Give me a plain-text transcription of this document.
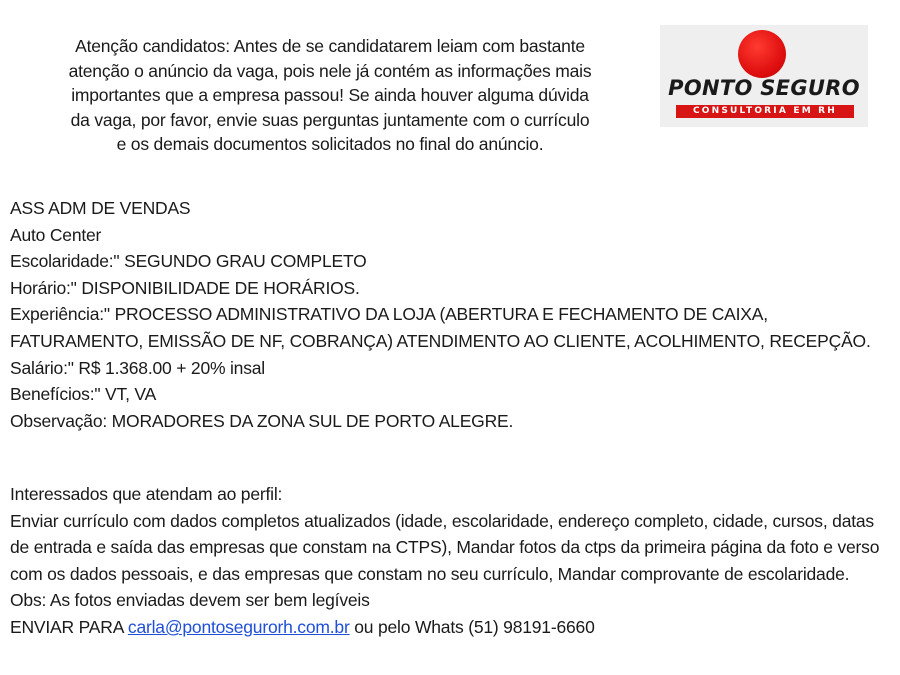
Atenção candidatos: Antes de se candidatarem leiam com bastante
atenção o anúncio da vaga, pois nele já contém as informações mais
importantes que a empresa passou! Se ainda houver alguma dúvida
da vaga, por favor, envie suas perguntas juntamente com o currículo
e os demais documentos solicitados no final do anúncio.
PONTO SEGURO
CONSULTORIA EM RH
ASS ADM DE VENDAS
Auto Center
Escolaridade:" SEGUNDO GRAU COMPLETO
Horário:" DISPONIBILIDADE DE HORÁRIOS.
Experiência:" PROCESSO ADMINISTRATIVO DA LOJA (ABERTURA E FECHAMENTO DE CAIXA, FATURAMENTO, EMISSÃO DE NF, COBRANÇA) ATENDIMENTO AO CLIENTE, ACOLHIMENTO, RECEPÇÃO.
Salário:" R$ 1.368.00 + 20% insal
Benefícios:" VT, VA
Observação: MORADORES DA ZONA SUL DE PORTO ALEGRE.
Interessados que atendam ao perfil:
Enviar currículo com dados completos atualizados (idade, escolaridade, endereço completo, cidade, cursos, datas de entrada e saída das empresas que constam na CTPS), Mandar fotos da ctps da primeira página da foto e verso com os dados pessoais, e das empresas que constam no seu currículo, Mandar comprovante de escolaridade.
Obs: As fotos enviadas devem ser bem legíveis
ENVIAR PARA carla@pontosegurorh.com.br ou pelo Whats (51) 98191-6660
